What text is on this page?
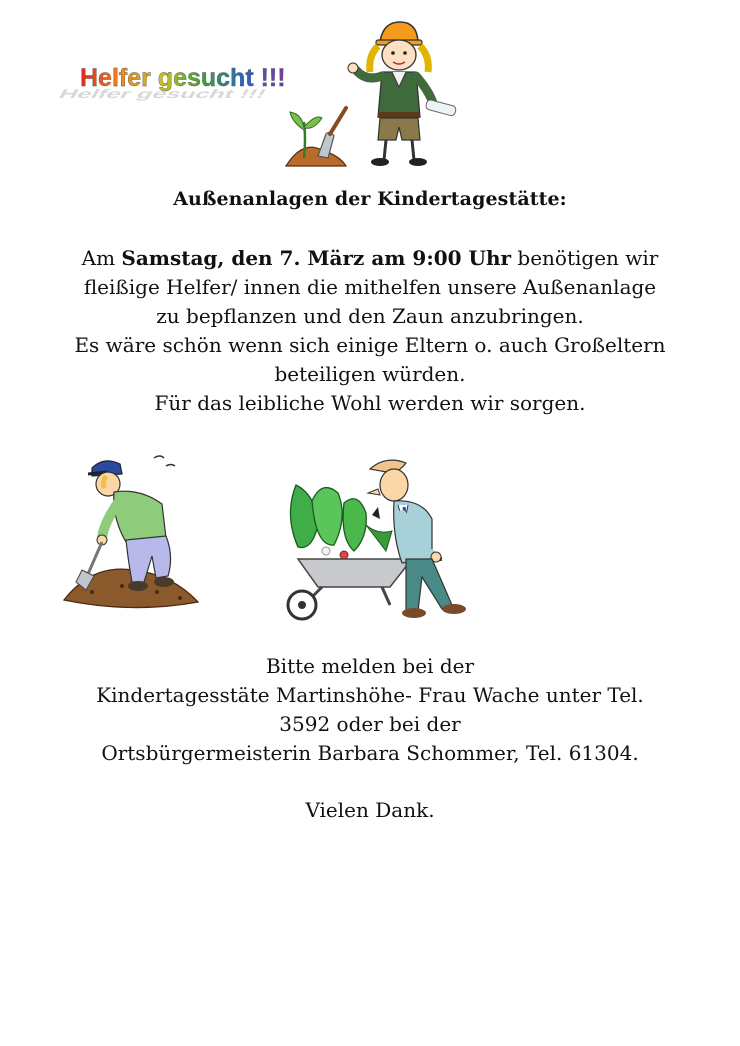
Helfer gesucht !!!
Helfer gesucht !!!
Außenanlagen der Kindertagestätte:
Am Samstag, den 7. März am 9:00 Uhr benötigen wir
fleißige Helfer/ innen die mithelfen unsere Außenanlage
zu bepflanzen und den Zaun anzubringen.
Es wäre schön wenn sich einige Eltern o. auch Großeltern
beteiligen würden.
Für das leibliche Wohl werden wir sorgen.
Bitte melden bei der
Kindertagesstäte Martinshöhe- Frau Wache unter Tel.
3592 oder bei der
Ortsbürgermeisterin Barbara Schommer, Tel. 61304.
Vielen Dank.
